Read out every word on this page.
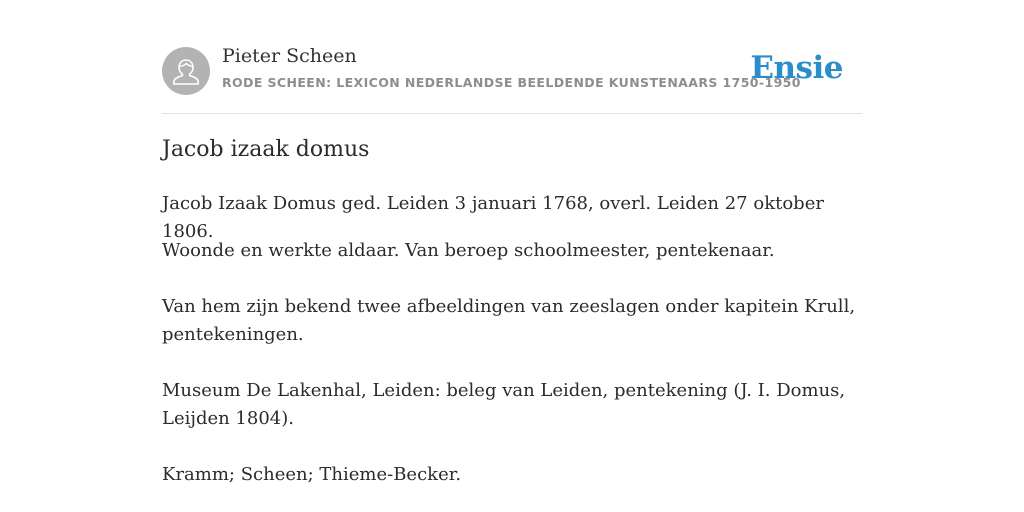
Pieter Scheen
RODE SCHEEN: LEXICON NEDERLANDSE BEELDENDE KUNSTENAARS 1750-1950
Ensie
Jacob izaak domus

Jacob Izaak Domus ged. Leiden 3 januari 1768, overl. Leiden 27 oktober 1806.

Woonde en werkte aldaar. Van beroep schoolmeester, pentekenaar.

Van hem zijn bekend twee afbeeldingen van zeeslagen onder kapitein Krull, pentekeningen.

Museum De Lakenhal, Leiden: beleg van Leiden, pentekening (J. I. Domus, Leijden 1804).

Kramm; Scheen; Thieme-Becker.
